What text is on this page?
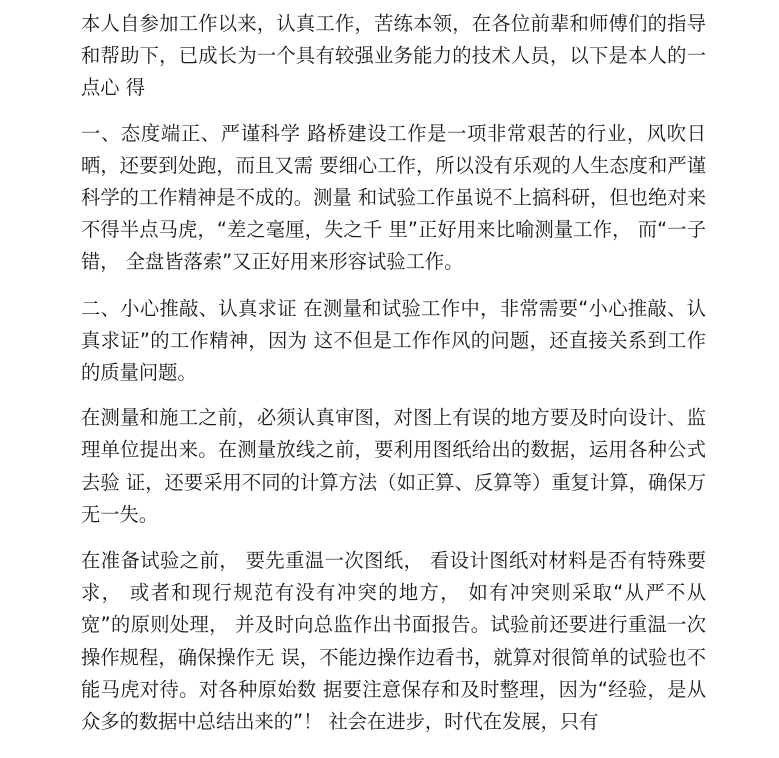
本人自参加工作以来，认真工作，苦练本领，在各位前辈和师傅们的指导 和帮助下，已成长为一个具有较强业务能力的技术人员，以下是本人的一点心 得

一、态度端正、严谨科学 路桥建设工作是一项非常艰苦的行业，风吹日晒，还要到处跑，而且又需 要细心工作，所以没有乐观的人生态度和严谨科学的工作精神是不成的。测量 和试验工作虽说不上搞科研，但也绝对来不得半点马虎，“差之毫厘，失之千 里”正好用来比喻测量工作， 而“一子错， 全盘皆落索”又正好用来形容试验工作。

二、小心推敲、认真求证 在测量和试验工作中，非常需要“小心推敲、认真求证”的工作精神，因为 这不但是工作作风的问题，还直接关系到工作的质量问题。

在测量和施工之前，必须认真审图，对图上有误的地方要及时向设计、监 理单位提出来。在测量放线之前，要利用图纸给出的数据，运用各种公式去验 证，还要采用不同的计算方法（如正算、反算等）重复计算，确保万无一失。

在准备试验之前， 要先重温一次图纸， 看设计图纸对材料是否有特殊要求， 或者和现行规范有没有冲突的地方， 如有冲突则采取“从严不从宽”的原则处理， 并及时向总监作出书面报告。试验前还要进行重温一次操作规程，确保操作无 误，不能边操作边看书，就算对很简单的试验也不能马虎对待。对各种原始数 据要注意保存和及时整理，因为“经验，是从众多的数据中总结出来的”！ 社会在进步，时代在发展，只有
